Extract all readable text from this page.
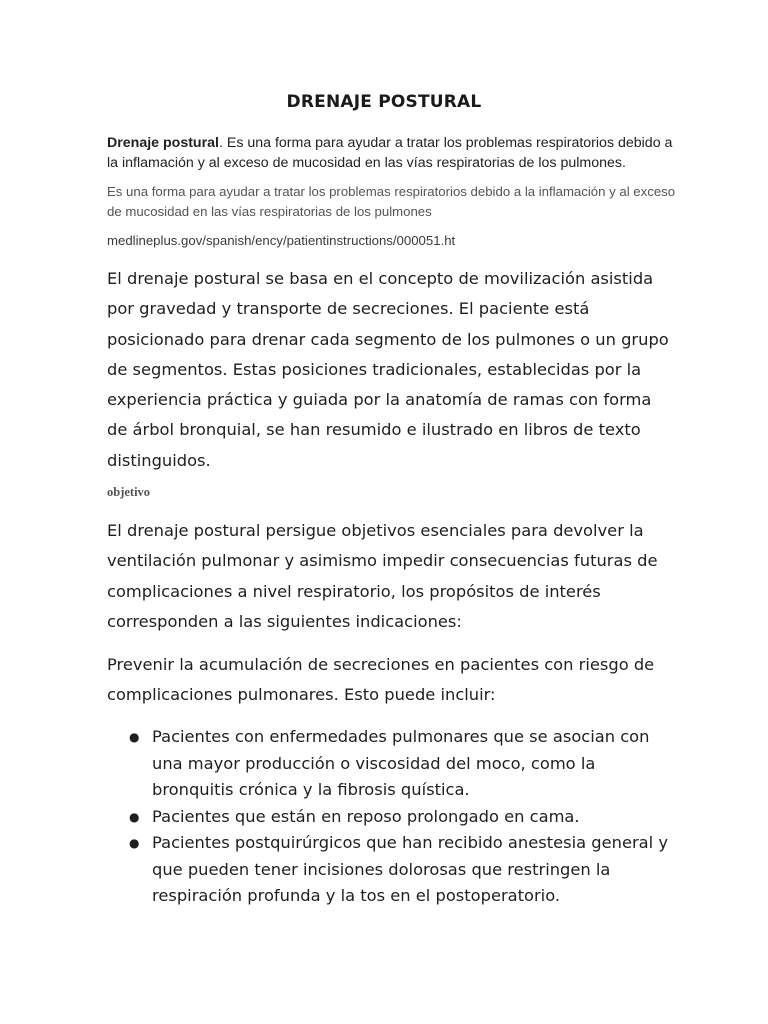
DRENAJE POSTURAL
Drenaje postural. Es una forma para ayudar a tratar los problemas respiratorios debido a la inflamación y al exceso de mucosidad en las vías respiratorias de los pulmones.
Es una forma para ayudar a tratar los problemas respiratorios debido a la inflamación y al exceso de mucosidad en las vías respiratorias de los pulmones
medlineplus.gov/spanish/ency/patientinstructions/000051.ht
El drenaje postural se basa en el concepto de movilización asistida por gravedad y transporte de secreciones. El paciente está posicionado para drenar cada segmento de los pulmones o un grupo de segmentos. Estas posiciones tradicionales, establecidas por la experiencia práctica y guiada por la anatomía de ramas con forma de árbol bronquial, se han resumido e ilustrado en libros de texto distinguidos.
objetivo
El drenaje postural persigue objetivos esenciales para devolver la ventilación pulmonar y asimismo impedir consecuencias futuras de complicaciones a nivel respiratorio, los propósitos de interés corresponden a las siguientes indicaciones:
Prevenir la acumulación de secreciones en pacientes con riesgo de complicaciones pulmonares. Esto puede incluir:
● Pacientes con enfermedades pulmonares que se asocian con una mayor producción o viscosidad del moco, como la bronquitis crónica y la fibrosis quística.
● Pacientes que están en reposo prolongado en cama.
● Pacientes postquirúrgicos que han recibido anestesia general y que pueden tener incisiones dolorosas que restringen la respiración profunda y la tos en el postoperatorio.
